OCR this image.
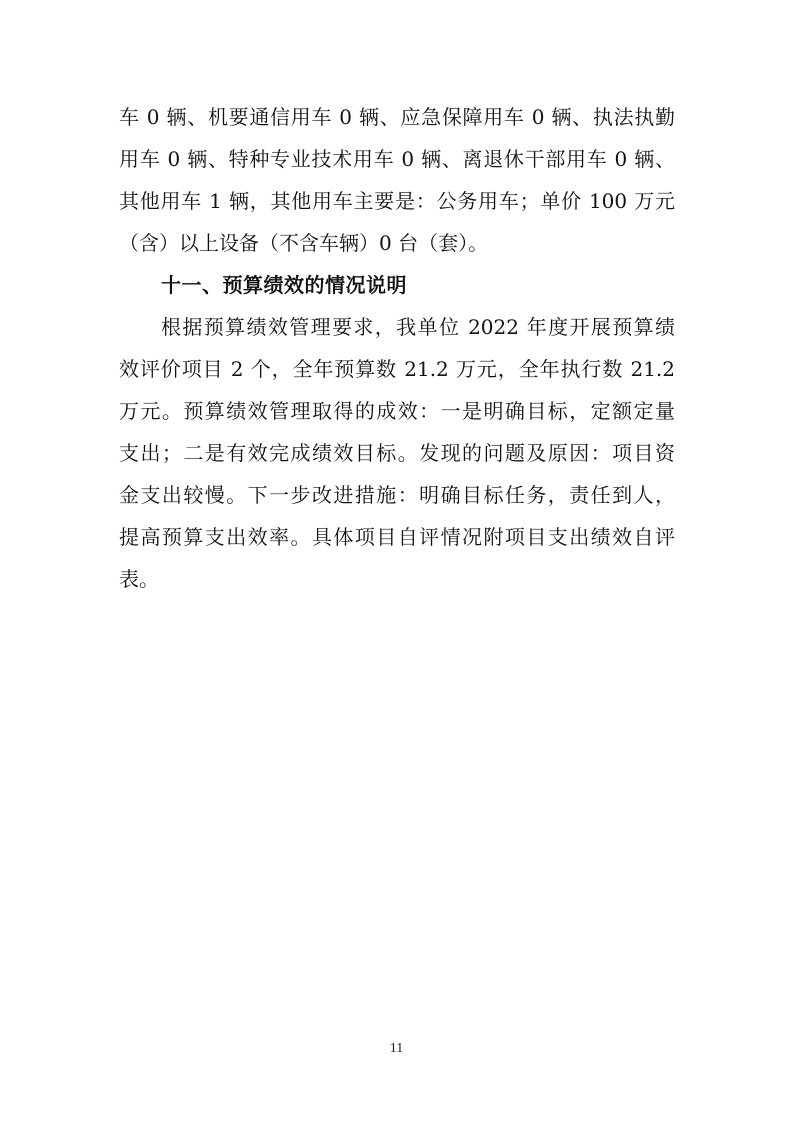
车 0 辆、机要通信用车 0 辆、应急保障用车 0 辆、执法执勤
用车 0 辆、特种专业技术用车 0 辆、离退休干部用车 0 辆、
其他用车 1 辆，其他用车主要是：公务用车；单价 100 万元
（含）以上设备（不含车辆）0 台（套）。
十一、预算绩效的情况说明
根据预算绩效管理要求，我单位 2022 年度开展预算绩
效评价项目 2 个，全年预算数 21.2 万元，全年执行数 21.2
万元。预算绩效管理取得的成效：一是明确目标，定额定量
支出；二是有效完成绩效目标。发现的问题及原因：项目资
金支出较慢。下一步改进措施：明确目标任务，责任到人，
提高预算支出效率。具体项目自评情况附项目支出绩效自评
表。
11
